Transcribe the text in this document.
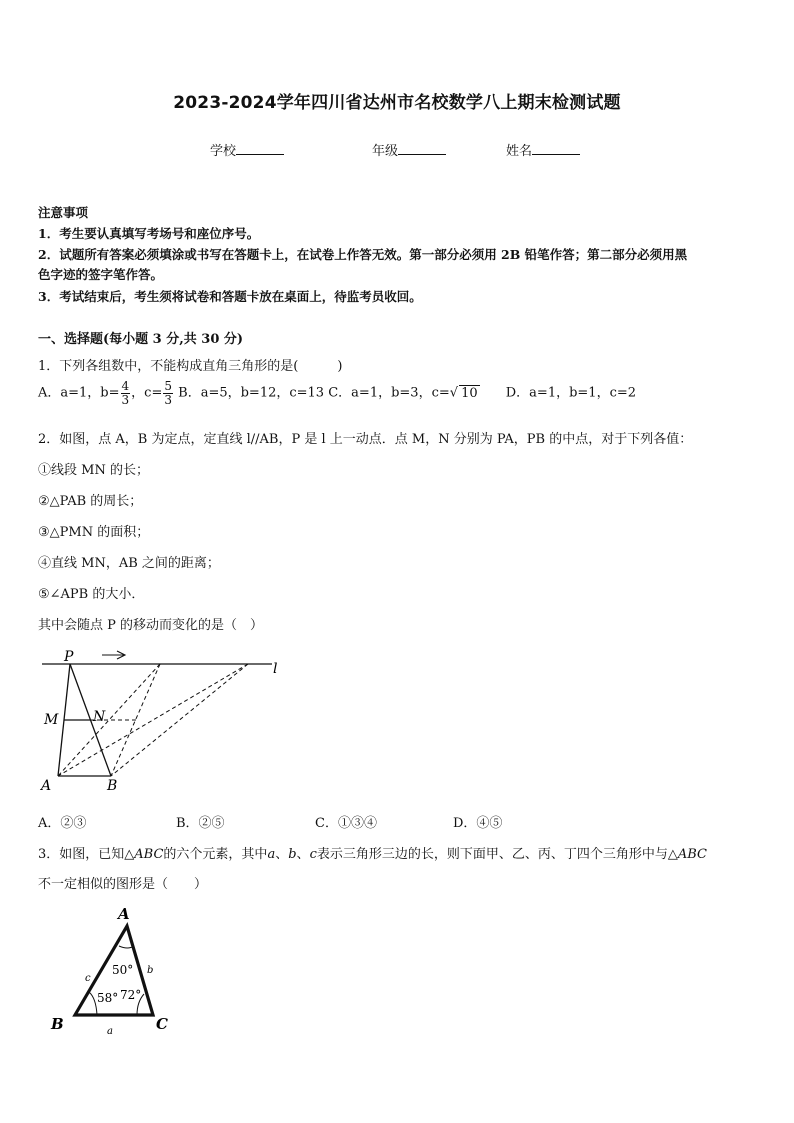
2023-2024学年四川省达州市名校数学八上期末检测试题
学校	年级	姓名
注意事项
1．考生要认真填写考场号和座位序号。
2．试题所有答案必须填涂或书写在答题卡上，在试卷上作答无效。第一部分必须用 2B 铅笔作答；第二部分必须用黑
色字迹的签字笔作答。
3．考试结束后，考生须将试卷和答题卡放在桌面上，待监考员收回。
一、选择题(每小题 3 分,共 30 分)
1．下列各组数中，不能构成直角三角形的是(　　　)
A．a=1，$b= \frac{4}{3}$ ，$c= \frac{5}{3}$ B．a=5，b=12，c=13 C．a=1，b=3，c=√ 10 D．a=1，b=1，c=2
2．如图，点 A，B 为定点，定直线 l//AB，P 是 l 上一动点．点 M，N 分别为 PA，PB 的中点，对于下列各值：
①线段 MN 的长；
②△PAB 的周长；
③△PMN 的面积；
④直线 MN，AB 之间的距离；
⑤∠APB 的大小．
其中会随点 P 的移动而变化的是（　）
P
l
M N
A	B
A．②③	B．②⑤	C．①③④	D．④⑤
3．如图，已知△ABC的六个元素，其中a、b、c表示三角形三边的长，则下面甲、乙、丙、丁四个三角形中与△ABC
不一定相似的图形是（　　）
A
B	C
c
b
a
50°
58° 72°
